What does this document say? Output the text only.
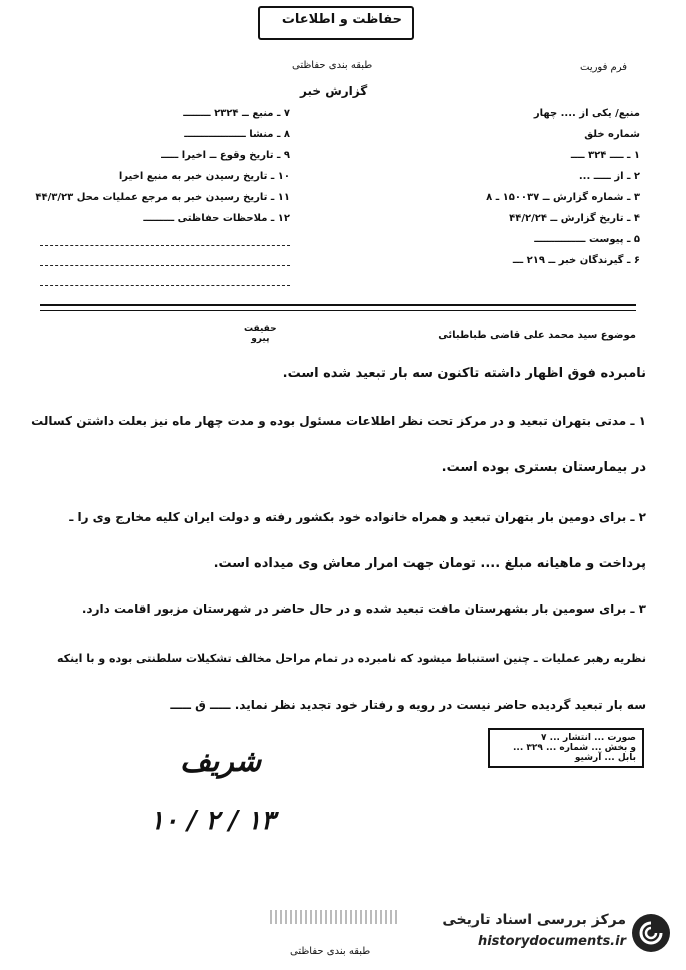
حفاظت و اطلاعات
طبقه بندی حفاظتی	فرم فوریت
گزارش خبر
منبع/ یکی از .... چهار
شماره خلق
۱ ـ ــــ ۳۲۴ ــــ
۲ ـ از ـــــ ...
۳ ـ شماره گزارش ــ ۱۵۰۰۳۷ ـ ۸
۴ ـ تاریخ گزارش ــ ۴۴/۲/۲۴
۵ ـ پیوست ـــــــــــــــ
۶ ـ گیرندگان خبر ــ ۲۱۹ ـــ
۷ ـ منبع ــ ۲۳۲۴ ــــــــ
۸ ـ منشا ــــــــــــــــــ
۹ ـ تاریخ وقوع ــ اخیرا ـــــ
۱۰ ـ تاریخ رسیدن خبر به منبع اخیرا
۱۱ ـ تاریخ رسیدن خبر به مرجع عملیات محل ۴۴/۳/۲۳
۱۲ ـ ملاحظات حفاظتی ـــــــــ
موضوع سید محمد علی قاضی طباطبائی
حقیقت
پیرو
نامبرده فوق اظهار داشته تاکنون سه بار تبعید شده است.
۱ ـ مدتی بتهران تبعید و در مرکز تحت نظر اطلاعات مسئول بوده و مدت چهار ماه نیز بعلت داشتن کسالت
در بیمارستان بستری بوده است.
۲ ـ برای دومین بار بتهران تبعید و همراه خانواده خود بکشور رفته و دولت ایران کلیه مخارج وی را ـ
پرداخت و ماهیانه مبلغ .... تومان جهت امرار معاش وی میداده است.
۳ ـ برای سومین بار بشهرستان مافت تبعید شده و در حال حاضر در شهرستان مزبور اقامت دارد.
نظریه رهبر عملیات ـ چنین استنباط میشود که نامبرده در تمام مراحل مخالف تشکیلات سلطنتی بوده و با اینکه
سه بار تبعید گردیده حاضر نیست در رویه و رفتار خود تجدید نظر نماید. ـــــ ق ـــــ
صورت ... انتشار ... ۷
و بخش ... شماره ... ۳۲۹ ... بابل ... آرشیو
شریف
۱۰ / ۲ / ۱۳
طبقه بندی حفاظتی
مرکز بررسی اسناد تاریخی
historydocuments.ir
